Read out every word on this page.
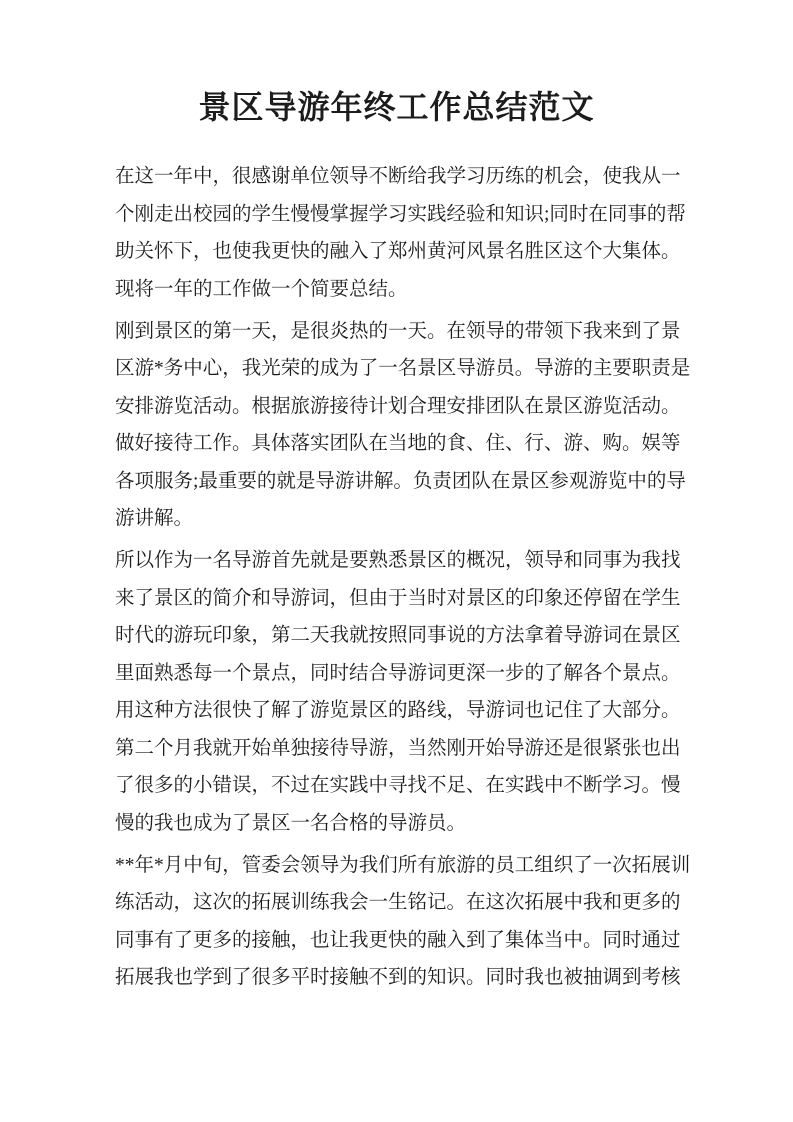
景区导游年终工作总结范文
在这一年中，很感谢单位领导不断给我学习历练的机会，使我从一
个刚走出校园的学生慢慢掌握学习实践经验和知识;同时在同事的帮
助关怀下，也使我更快的融入了郑州黄河风景名胜区这个大集体。
现将一年的工作做一个简要总结。
刚到景区的第一天，是很炎热的一天。在领导的带领下我来到了景
区游*务中心，我光荣的成为了一名景区导游员。导游的主要职责是
安排游览活动。根据旅游接待计划合理安排团队在景区游览活动。
做好接待工作。具体落实团队在当地的食、住、行、游、购。娱等
各项服务;最重要的就是导游讲解。负责团队在景区参观游览中的导
游讲解。
所以作为一名导游首先就是要熟悉景区的概况，领导和同事为我找
来了景区的简介和导游词，但由于当时对景区的印象还停留在学生
时代的游玩印象，第二天我就按照同事说的方法拿着导游词在景区
里面熟悉每一个景点，同时结合导游词更深一步的了解各个景点。
用这种方法很快了解了游览景区的路线，导游词也记住了大部分。
第二个月我就开始单独接待导游，当然刚开始导游还是很紧张也出
了很多的小错误，不过在实践中寻找不足、在实践中不断学习。慢
慢的我也成为了景区一名合格的导游员。
**年*月中旬，管委会领导为我们所有旅游的员工组织了一次拓展训
练活动，这次的拓展训练我会一生铭记。在这次拓展中我和更多的
同事有了更多的接触，也让我更快的融入到了集体当中。同时通过
拓展我也学到了很多平时接触不到的知识。同时我也被抽调到考核
